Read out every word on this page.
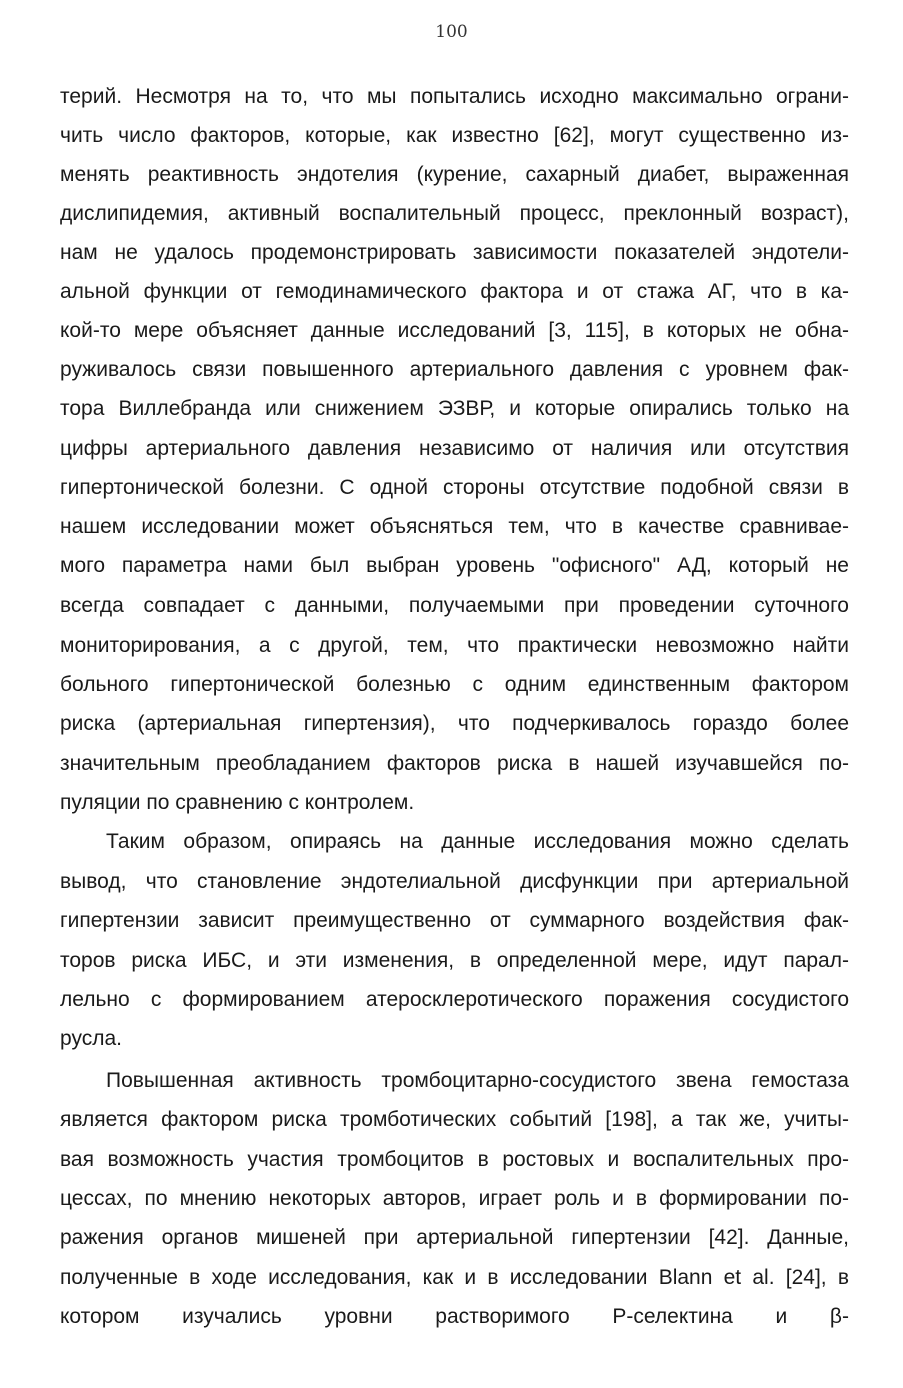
100
терий. Несмотря на то, что мы попытались исходно максимально ограни-
чить число факторов, которые, как известно [62], могут существенно из-
менять реактивность эндотелия (курение, сахарный диабет, выраженная
дислипидемия, активный воспалительный процесс, преклонный возраст),
нам не удалось продемонстрировать зависимости показателей эндотели-
альной функции от гемодинамического фактора и от стажа АГ, что в ка-
кой-то мере объясняет данные исследований [3, 115], в которых не обна-
руживалось связи повышенного артериального давления с уровнем фак-
тора Виллебранда или снижением ЭЗВР, и которые опирались только на
цифры артериального давления независимо от наличия или отсутствия
гипертонической болезни. С одной стороны отсутствие подобной связи в
нашем исследовании может объясняться тем, что в качестве сравнивае-
мого параметра нами был выбран уровень "офисного" АД, который не
всегда совпадает с данными, получаемыми при проведении суточного
мониторирования, а с другой, тем, что практически невозможно найти
больного гипертонической болезнью с одним единственным фактором
риска (артериальная гипертензия), что подчеркивалось гораздо более
значительным преобладанием факторов риска в нашей изучавшейся по-
пуляции по сравнению с контролем.
Таким образом, опираясь на данные исследования можно сделать
вывод, что становление эндотелиальной дисфункции при артериальной
гипертензии зависит преимущественно от суммарного воздействия фак-
торов риска ИБС, и эти изменения, в определенной мере, идут парал-
лельно с формированием атеросклеротического поражения сосудистого
русла.
Повышенная активность тромбоцитарно-сосудистого звена гемостаза
является фактором риска тромботических событий [198], а так же, учиты-
вая возможность участия тромбоцитов в ростовых и воспалительных про-
цессах, по мнению некоторых авторов, играет роль и в формировании по-
ражения органов мишеней при артериальной гипертензии [42]. Данные,
полученные в ходе исследования, как и в исследовании Blann et al. [24], в
котором изучались уровни растворимого Р-селектина и β-
